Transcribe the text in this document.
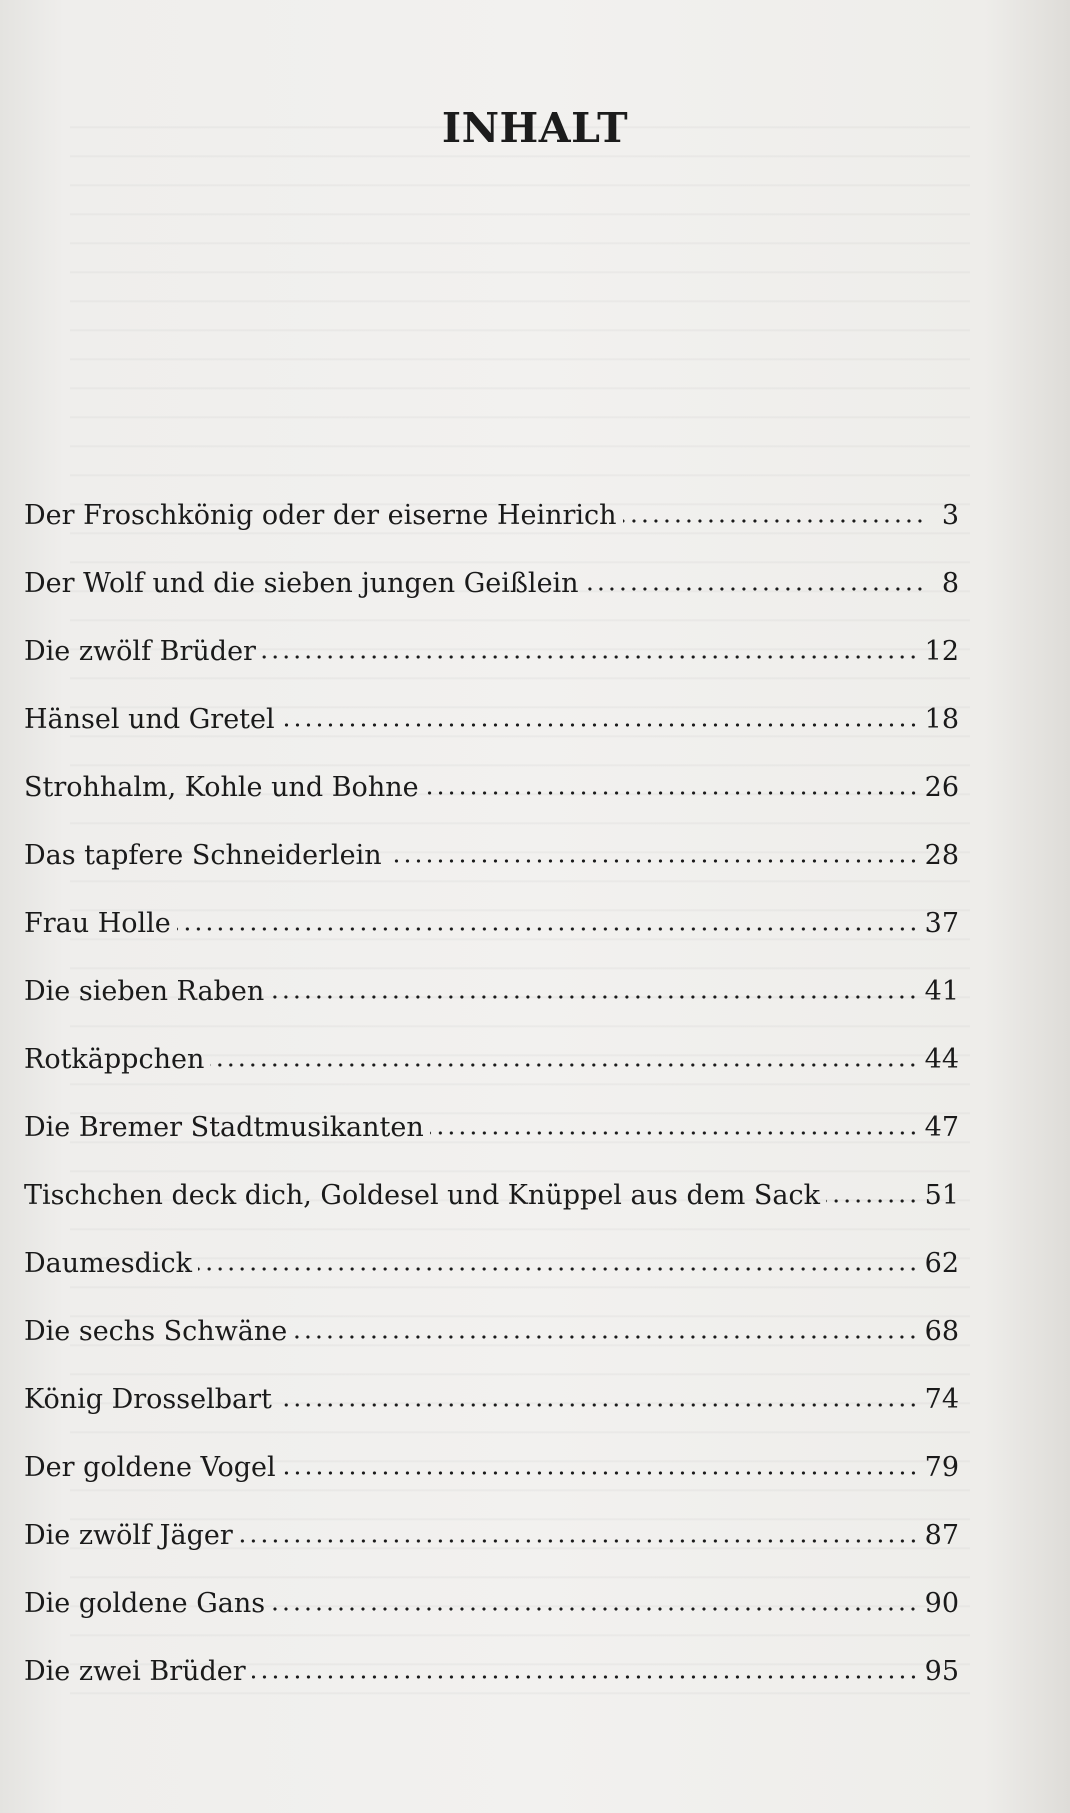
INHALT
Der Froschkönig oder der eiserne Heinrich	3
Der Wolf und die sieben jungen Geißlein	8
Die zwölf Brüder	12
Hänsel und Gretel	18
Strohhalm, Kohle und Bohne	26
Das tapfere Schneiderlein	28
Frau Holle	37
Die sieben Raben	41
Rotkäppchen	44
Die Bremer Stadtmusikanten	47
Tischchen deck dich, Goldesel und Knüppel aus dem Sack	51
Daumesdick	62
Die sechs Schwäne	68
König Drosselbart	74
Der goldene Vogel	79
Die zwölf Jäger	87
Die goldene Gans	90
Die zwei Brüder	95
